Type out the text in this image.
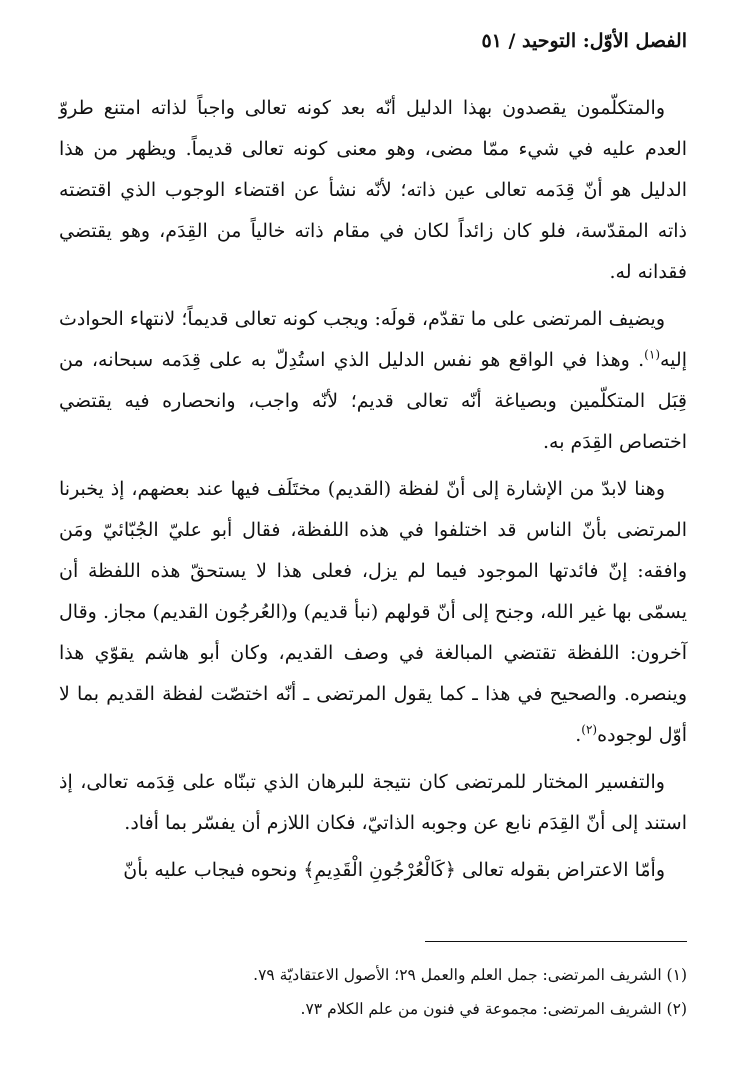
الفصل الأوّل: التوحيد / ٥١

والمتكلّمون يقصدون بهذا الدليل أنّه بعد كونه تعالى واجباً لذاته امتنع طروّ العدم عليه في شيء ممّا مضى، وهو معنى كونه تعالى قديماً. ويظهر من هذا الدليل هو أنّ قِدَمه تعالى عين ذاته؛ لأنّه نشأ عن اقتضاء الوجوب الذي اقتضته ذاته المقدّسة، فلو كان زائداً لكان في مقام ذاته خالياً من القِدَم، وهو يقتضي فقدانه له.

ويضيف المرتضى على ما تقدّم، قولَه: ويجب كونه تعالى قديماً؛ لانتهاء الحوادث إليه$^{(١)}$. وهذا في الواقع هو نفس الدليل الذي استُدِلّ به على قِدَمه سبحانه، من قِبَل المتكلّمين وبصياغة أنّه تعالى قديم؛ لأنّه واجب، وانحصاره فيه يقتضي اختصاص القِدَم به.

وهنا لابدّ من الإشارة إلى أنّ لفظة (القديم) مختَلَف فيها عند بعضهم، إذ يخبرنا المرتضى بأنّ الناس قد اختلفوا في هذه اللفظة، فقال أبو عليّ الجُبّائيّ ومَن وافقه: إنّ فائدتها الموجود فيما لم يزل، فعلى هذا لا يستحقّ هذه اللفظة أن يسمّى بها غير الله، وجنح إلى أنّ قولهم (نبأ قديم) و(العُرجُون القديم) مجاز. وقال آخرون: اللفظة تقتضي المبالغة في وصف القديم، وكان أبو هاشم يقوّي هذا وينصره. والصحيح في هذا ـ كما يقول المرتضى ـ أنّه اختصّت لفظة القديم بما لا أوّل لوجوده$^{(٢)}$.

والتفسير المختار للمرتضى كان نتيجة للبرهان الذي تبنّاه على قِدَمه تعالى، إذ استند إلى أنّ القِدَم نابع عن وجوبه الذاتيّ، فكان اللازم أن يفسّر بما أفاد.

وأمّا الاعتراض بقوله تعالى ﴿كَالْعُرْجُونِ الْقَدِيمِ﴾ ونحوه فيجاب عليه بأنّ

(١) الشريف المرتضى: جمل العلم والعمل ٢٩؛ الأصول الاعتقاديّة ٧٩.

(٢) الشريف المرتضى: مجموعة في فنون من علم الكلام ٧٣.
